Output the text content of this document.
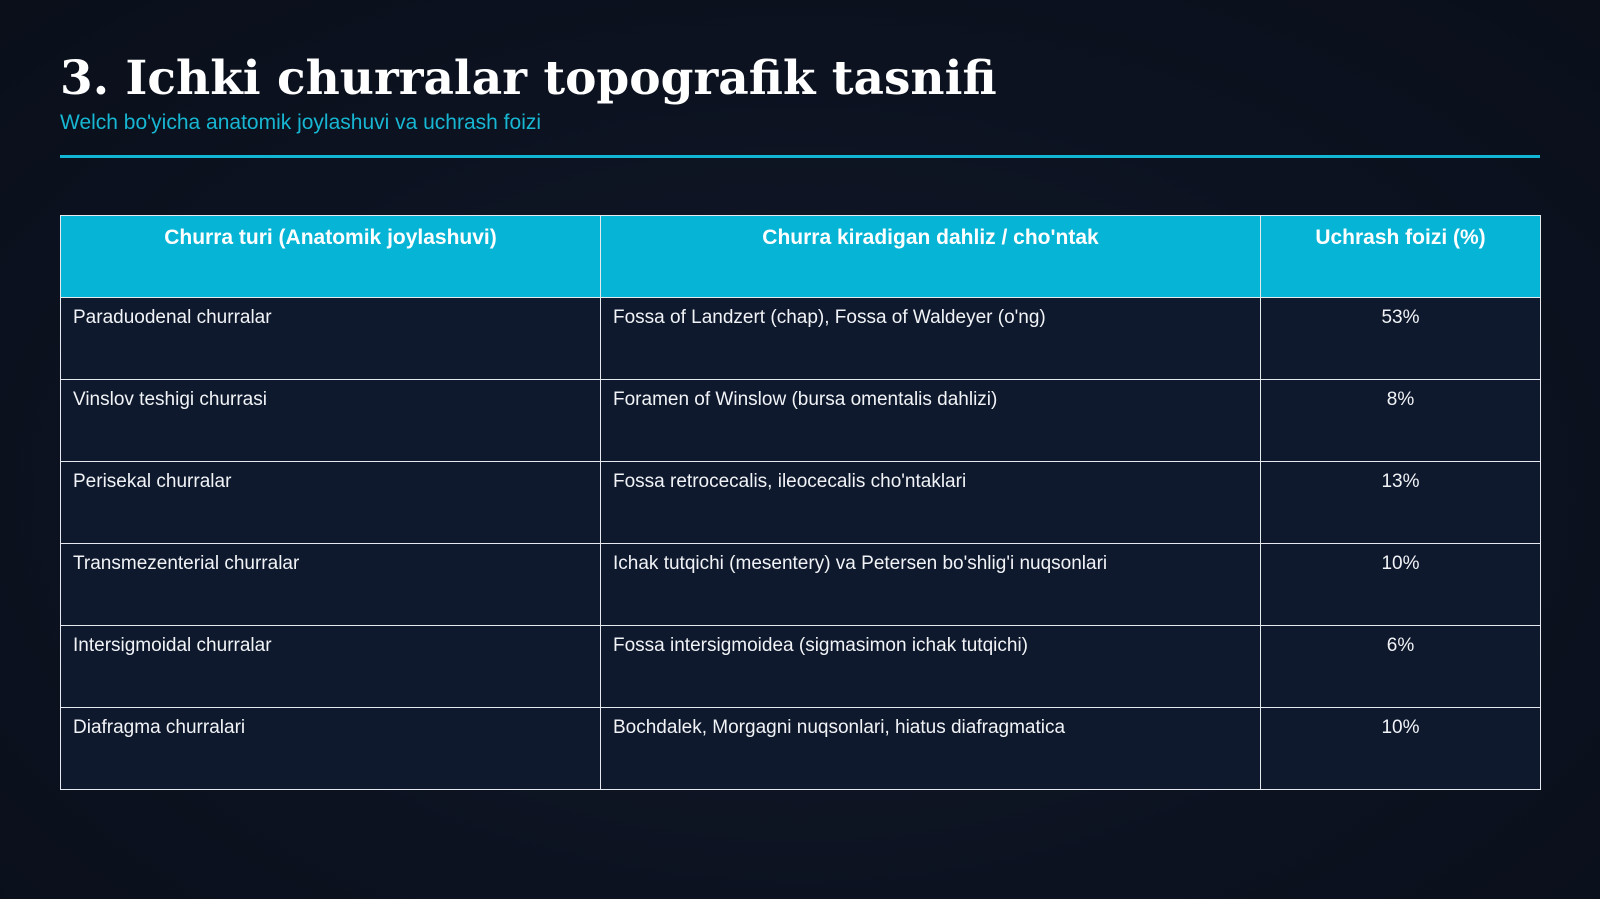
3. Ichki churralar topografik tasnifi

Welch bo'yicha anatomik joylashuvi va uchrash foizi

Churra turi (Anatomik joylashuvi)	Churra kiradigan dahliz / cho'ntak	Uchrash foizi (%)
Paraduodenal churralar	Fossa of Landzert (chap), Fossa of Waldeyer (o'ng)	53%
Vinslov teshigi churrasi	Foramen of Winslow (bursa omentalis dahlizi)	8%
Perisekal churralar	Fossa retrocecalis, ileocecalis cho'ntaklari	13%
Transmezenterial churralar	Ichak tutqichi (mesentery) va Petersen bo'shlig'i nuqsonlari	10%
Intersigmoidal churralar	Fossa intersigmoidea (sigmasimon ichak tutqichi)	6%
Diafragma churralari	Bochdalek, Morgagni nuqsonlari, hiatus diafragmatica	10%
